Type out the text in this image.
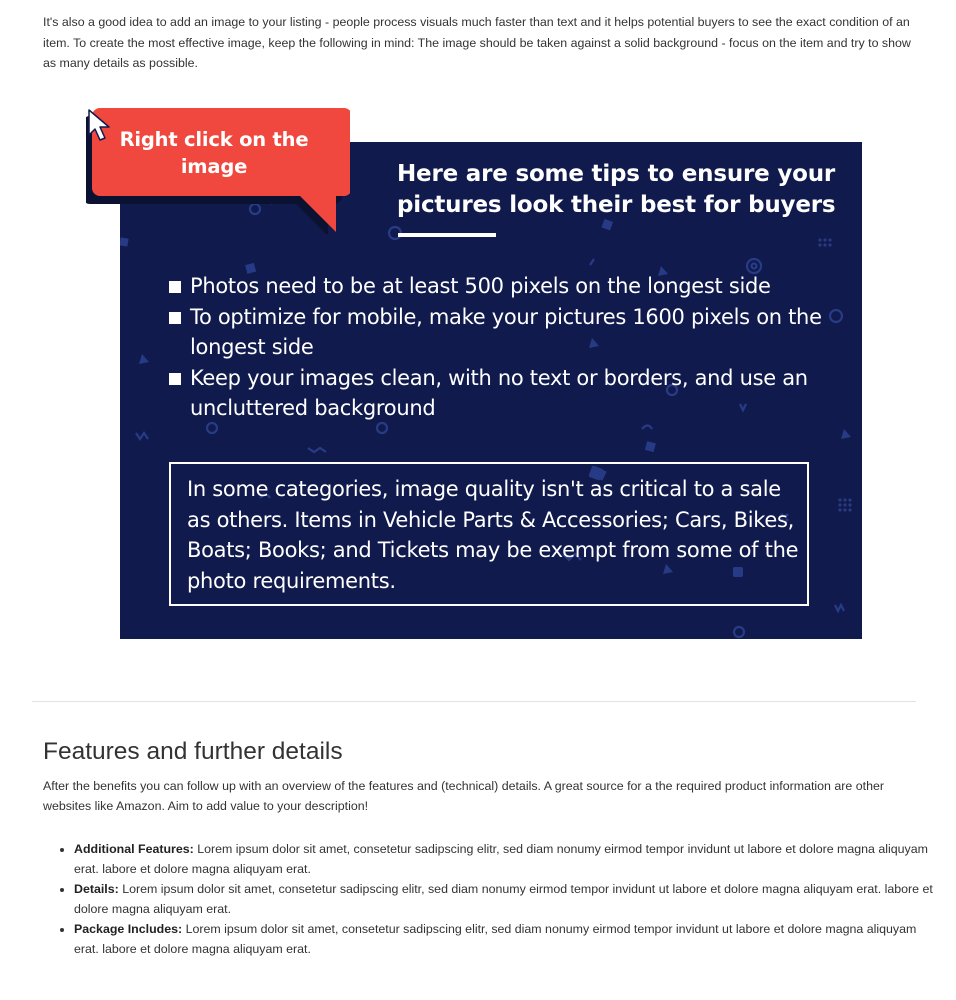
It's also a good idea to add an image to your listing - people process visuals much faster than text and it helps potential buyers to see the exact condition of an item. To create the most effective image, keep the following in mind: The image should be taken against a solid background - focus on the item and try to show as many details as possible.

Here are some tips to ensure your pictures look their best for buyers
Photos need to be at least 500 pixels on the longest side
To optimize for mobile, make your pictures 1600 pixels on the longest side
Keep your images clean, with no text or borders, and use an uncluttered background

In some categories, image quality isn't as critical to a sale as others. Items in Vehicle Parts & Accessories; Cars, Bikes, Boats; Books; and Tickets may be exempt from some of the photo requirements.

Right click on the image

Features and further details

After the benefits you can follow up with an overview of the features and (technical) details. A great source for a the required product information are other websites like Amazon. Aim to add value to your description!

• Additional Features: Lorem ipsum dolor sit amet, consetetur sadipscing elitr, sed diam nonumy eirmod tempor invidunt ut labore et dolore magna aliquyam erat. labore et dolore magna aliquyam erat.
• Details: Lorem ipsum dolor sit amet, consetetur sadipscing elitr, sed diam nonumy eirmod tempor invidunt ut labore et dolore magna aliquyam erat. labore et dolore magna aliquyam erat.
• Package Includes: Lorem ipsum dolor sit amet, consetetur sadipscing elitr, sed diam nonumy eirmod tempor invidunt ut labore et dolore magna aliquyam erat. labore et dolore magna aliquyam erat.
